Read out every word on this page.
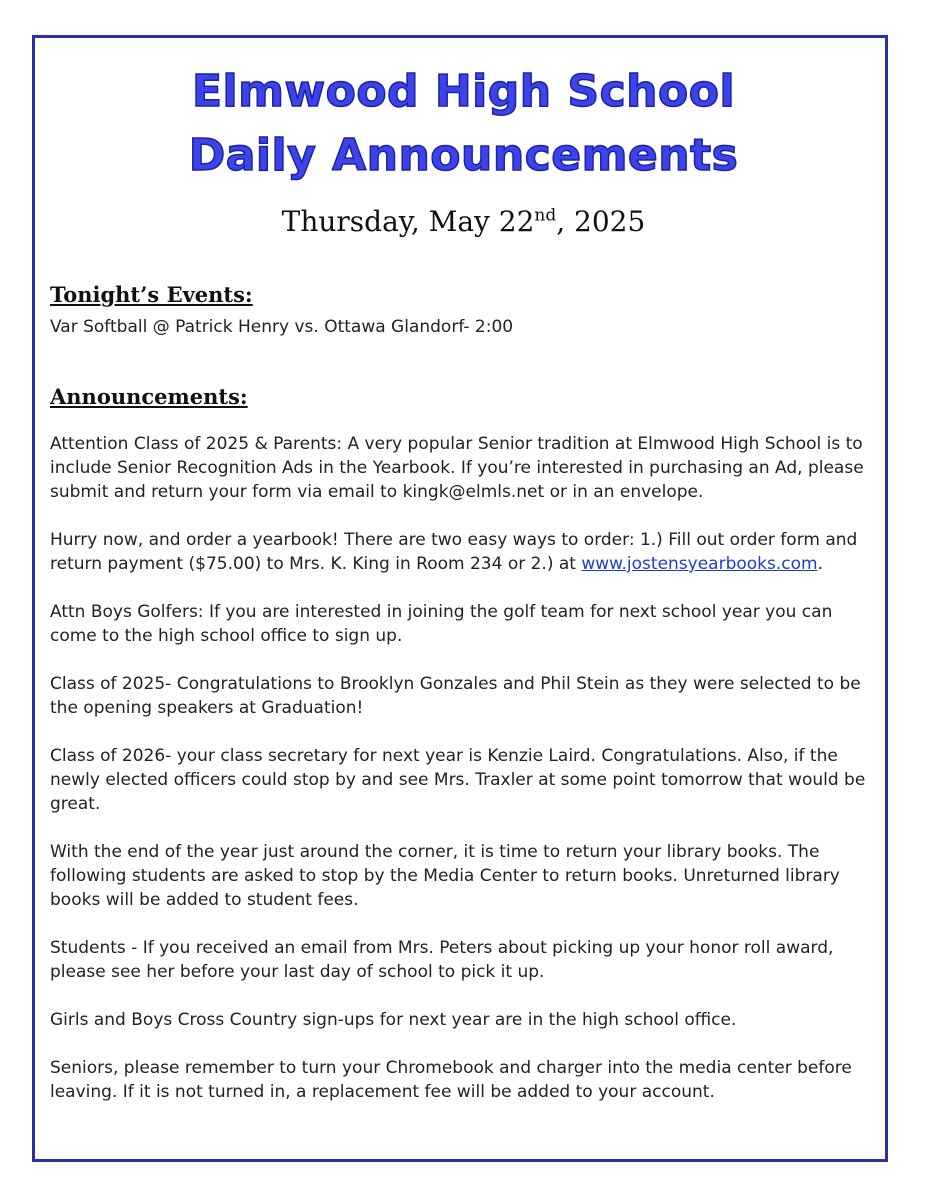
Elmwood High School
Daily Announcements
Thursday, May 22nd, 2025
Tonight’s Events:

Var Softball @ Patrick Henry vs. Ottawa Glandorf- 2:00

Announcements:

Attention Class of 2025 & Parents: A very popular Senior tradition at Elmwood High School is to include Senior Recognition Ads in the Yearbook. If you’re interested in purchasing an Ad, please submit and return your form via email to kingk@elmls.net or in an envelope.

Hurry now, and order a yearbook! There are two easy ways to order: 1.) Fill out order form and return payment ($75.00) to Mrs. K. King in Room 234 or 2.) at www.jostensyearbooks.com.

Attn Boys Golfers: If you are interested in joining the golf team for next school year you can come to the high school office to sign up.

Class of 2025- Congratulations to Brooklyn Gonzales and Phil Stein as they were selected to be the opening speakers at Graduation!

Class of 2026- your class secretary for next year is Kenzie Laird. Congratulations. Also, if the newly elected officers could stop by and see Mrs. Traxler at some point tomorrow that would be great.

With the end of the year just around the corner, it is time to return your library books. The following students are asked to stop by the Media Center to return books. Unreturned library books will be added to student fees.

Students - If you received an email from Mrs. Peters about picking up your honor roll award, please see her before your last day of school to pick it up.

Girls and Boys Cross Country sign-ups for next year are in the high school office.

Seniors, please remember to turn your Chromebook and charger into the media center before leaving. If it is not turned in, a replacement fee will be added to your account.
